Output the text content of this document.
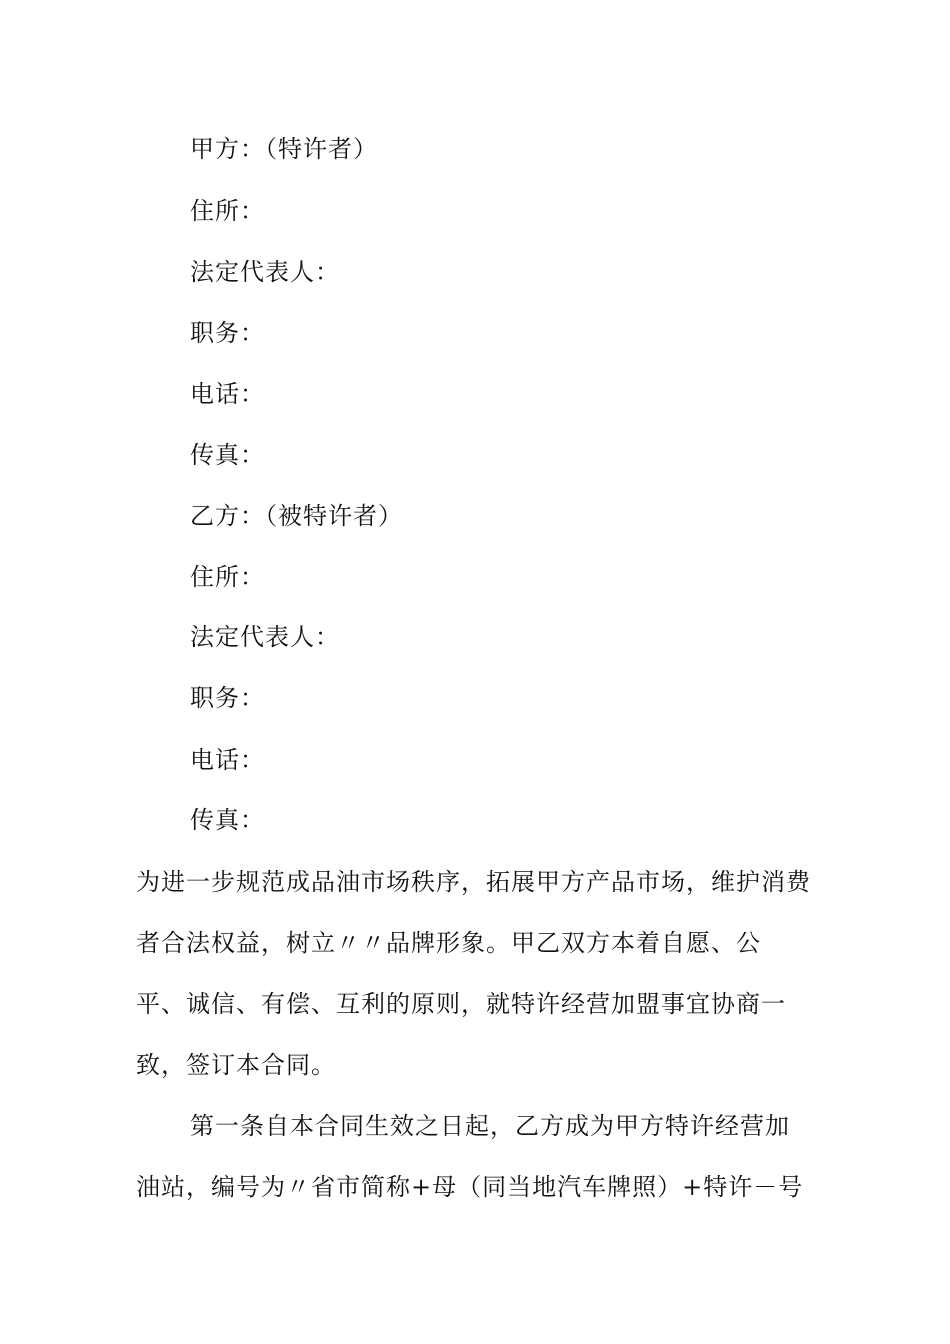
甲方：（特许者）
住所：
法定代表人：
职务：
电话：
传真：
乙方：（被特许者）
住所：
法定代表人：
职务：
电话：
传真：
为进一步规范成品油市场秩序，拓展甲方产品市场，维护消费
者合法权益，树立〃〃品牌形象。甲乙双方本着自愿、公
平、诚信、有偿、互利的原则，就特许经营加盟事宜协商一
致，签订本合同。
第一条自本合同生效之日起，乙方成为甲方特许经营加
油站，编号为〃省市简称+母（同当地汽车牌照）+特许－号
